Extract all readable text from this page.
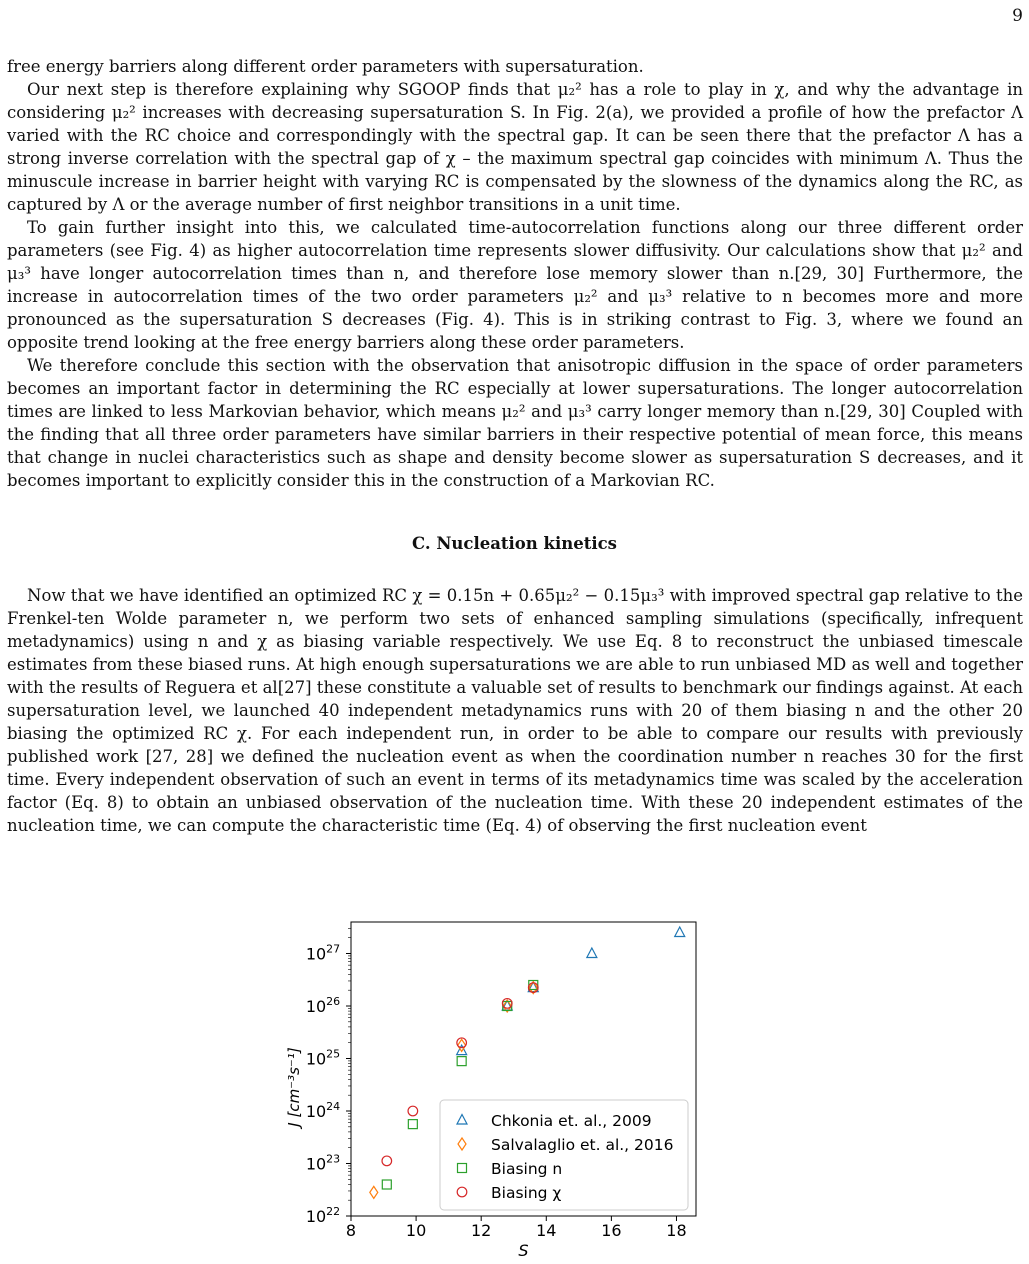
9

free energy barriers along different order parameters with supersaturation.

Our next step is therefore explaining why SGOOP finds that μ₂² has a role to play in χ, and why the advantage in considering μ₂² increases with decreasing supersaturation S. In Fig. 2(a), we provided a profile of how the prefactor Λ varied with the RC choice and correspondingly with the spectral gap. It can be seen there that the prefactor Λ has a strong inverse correlation with the spectral gap of χ – the maximum spectral gap coincides with minimum Λ. Thus the minuscule increase in barrier height with varying RC is compensated by the slowness of the dynamics along the RC, as captured by Λ or the average number of first neighbor transitions in a unit time.

To gain further insight into this, we calculated time-autocorrelation functions along our three different order parameters (see Fig. 4) as higher autocorrelation time represents slower diffusivity. Our calculations show that μ₂² and μ₃³ have longer autocorrelation times than n, and therefore lose memory slower than n.[29, 30] Furthermore, the increase in autocorrelation times of the two order parameters μ₂² and μ₃³ relative to n becomes more and more pronounced as the supersaturation S decreases (Fig. 4). This is in striking contrast to Fig. 3, where we found an opposite trend looking at the free energy barriers along these order parameters.

We therefore conclude this section with the observation that anisotropic diffusion in the space of order parameters becomes an important factor in determining the RC especially at lower supersaturations. The longer autocorrelation times are linked to less Markovian behavior, which means μ₂² and μ₃³ carry longer memory than n.[29, 30] Coupled with the finding that all three order parameters have similar barriers in their respective potential of mean force, this means that change in nuclei characteristics such as shape and density become slower as supersaturation S decreases, and it becomes important to explicitly consider this in the construction of a Markovian RC.

C. Nucleation kinetics

Now that we have identified an optimized RC χ = 0.15n + 0.65μ₂² − 0.15μ₃³ with improved spectral gap relative to the Frenkel-ten Wolde parameter n, we perform two sets of enhanced sampling simulations (specifically, infrequent metadynamics) using n and χ as biasing variable respectively. We use Eq. 8 to reconstruct the unbiased timescale estimates from these biased runs. At high enough supersaturations we are able to run unbiased MD as well and together with the results of Reguera et al[27] these constitute a valuable set of results to benchmark our findings against. At each supersaturation level, we launched 40 independent metadynamics runs with 20 of them biasing n and the other 20 biasing the optimized RC χ. For each independent run, in order to be able to compare our results with previously published work [27, 28] we defined the nucleation event as when the coordination number n reaches 30 for the first time. Every independent observation of such an event in terms of its metadynamics time was scaled by the acceleration factor (Eq. 8) to obtain an unbiased observation of the nucleation time. With these 20 independent estimates of the nucleation time, we can compute the characteristic time (Eq. 4) of observing the first nucleation event

8	10	12	14	16	18
$10^{22}$
$10^{23}$
$10^{24}$
$10^{25}$
$10^{26}$
$10^{27}$
S
J [cm⁻³s⁻¹]	Chkonia et. al., 2009
Salvalaglio et. al., 2016
Biasing n
Biasing χ
